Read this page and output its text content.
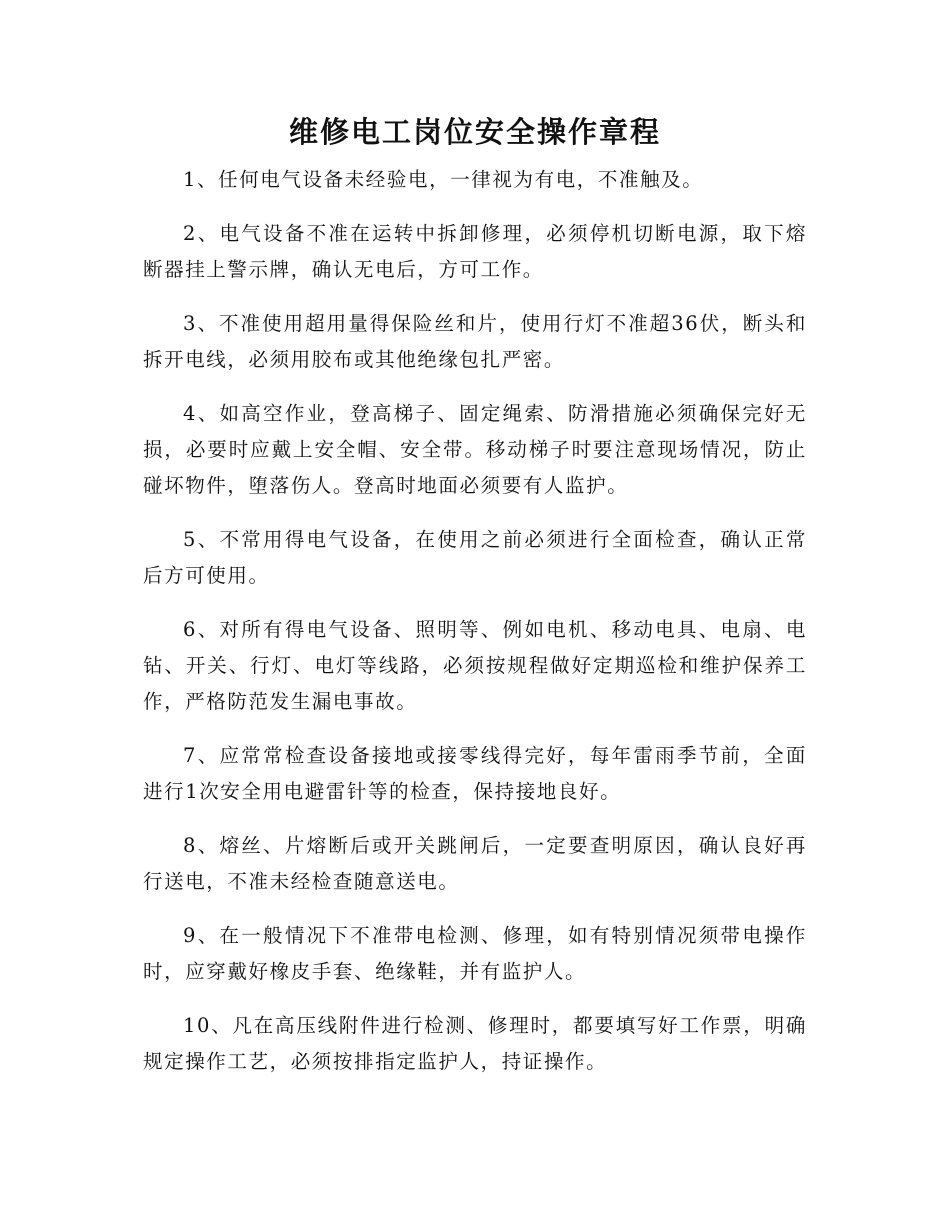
维修电工岗位安全操作章程

1、任何电气设备未经验电，一律视为有电，不准触及。

2、电气设备不准在运转中拆卸修理，必须停机切断电源，取下熔断器挂上警示牌，确认无电后，方可工作。

3、不准使用超用量得保险丝和片，使用行灯不准超36伏，断头和拆开电线，必须用胶布或其他绝缘包扎严密。

4、如高空作业，登高梯子、固定绳索、防滑措施必须确保完好无损，必要时应戴上安全帽、安全带。移动梯子时要注意现场情况，防止碰坏物件，堕落伤人。登高时地面必须要有人监护。

5、不常用得电气设备，在使用之前必须进行全面检查，确认正常后方可使用。

6、对所有得电气设备、照明等、例如电机、移动电具、电扇、电钻、开关、行灯、电灯等线路，必须按规程做好定期巡检和维护保养工作，严格防范发生漏电事故。

7、应常常检查设备接地或接零线得完好，每年雷雨季节前，全面进行1次安全用电避雷针等的检查，保持接地良好。

8、熔丝、片熔断后或开关跳闸后，一定要查明原因，确认良好再行送电，不准未经检查随意送电。

9、在一般情况下不准带电检测、修理，如有特别情况须带电操作时，应穿戴好橡皮手套、绝缘鞋，并有监护人。

10、凡在高压线附件进行检测、修理时，都要填写好工作票，明确规定操作工艺，必须按排指定监护人，持证操作。
